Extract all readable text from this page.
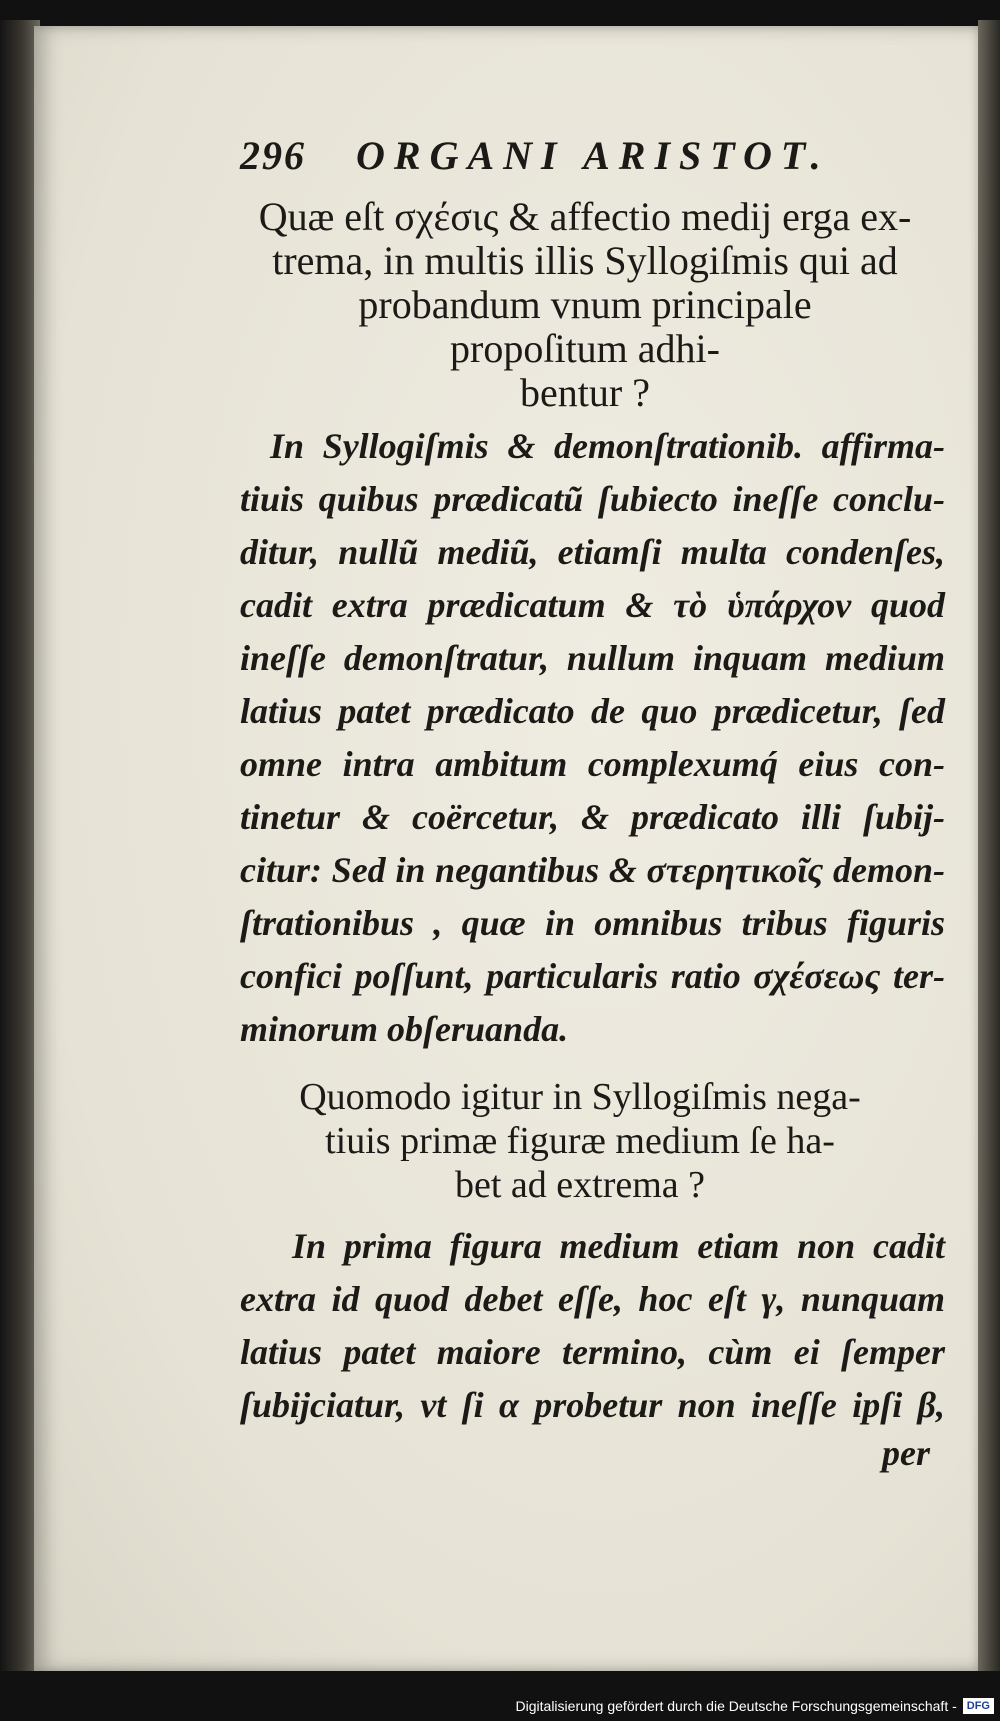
296 ORGANI ARISTOT.
Quæ eſt σχέσις & affectio medij erga ex-
trema, in multis illis Syllogiſmis qui ad
probandum vnum principale
propoſitum adhi-
bentur ?
In Syllogiſmis & demonſtrationib. affirma-
tiuis quibus prædicatũ ſubiecto ineſſe conclu-
ditur, nullũ mediũ, etiamſi multa condenſes,
cadit extra prædicatum & τὸ ὑπάρχον quod
ineſſe demonſtratur, nullum inquam medium
latius patet prædicato de quo prædicetur, ſed
omne intra ambitum complexumq́ eius con-
tinetur & coërcetur, & prædicato illi ſubij-
citur: Sed in negantibus & στερητικοῖς demon-
ſtrationibus , quæ in omnibus tribus figuris
confici poſſunt, particularis ratio σχέσεως ter-
minorum obſeruanda.
Quomodo igitur in Syllogiſmis nega-
tiuis primæ figuræ medium ſe ha-
bet ad extrema ?
In prima figura medium etiam non cadit
extra id quod debet eſſe, hoc eſt γ, nunquam
latius patet maiore termino, cùm ei ſemper
ſubijciatur, vt ſi α probetur non ineſſe ipſi β,
per
Digitalisierung gefördert durch die Deutsche Forschungsgemeinschaft - DFG
